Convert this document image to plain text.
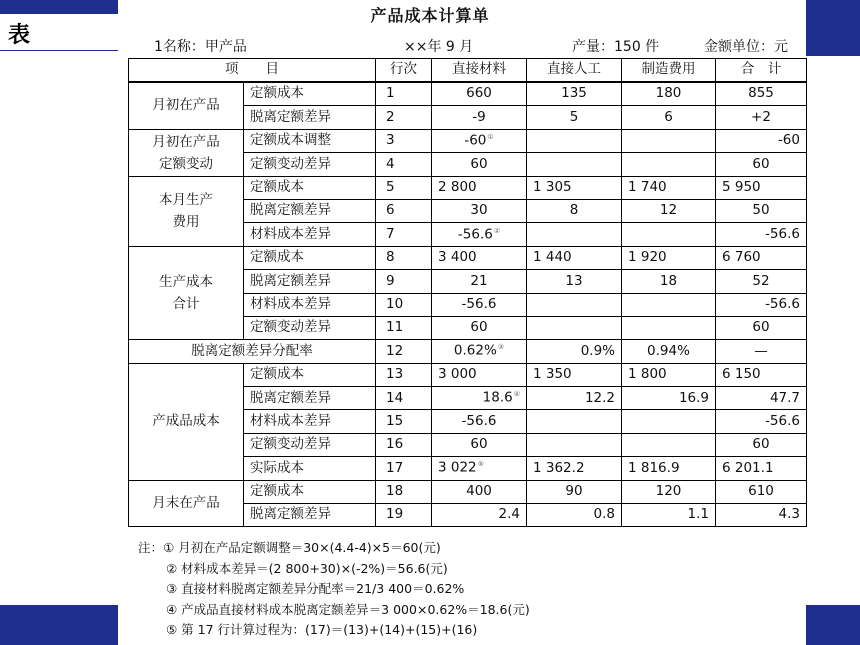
表
产品成本计算单
1名称：甲产品	××年 9 月	产量：150 件	金额单位：元
项　　目		行次	直接材料	直接人工	制造费用	合　计
月初在产品	定额成本	1	660	135	180	855
	脱离定额差异	2	-9	5	6	+2

月初在产品
定额变动	定额成本调整	3	-60①			-60
	定额变动差异	4	60			60

本月生产
费用	定额成本	5	2 800	1 305	1 740	5 950
	脱离定额差异	6	30	8	12	50
	材料成本差异	7	-56.6②			-56.6

生产成本
合计	定额成本	8	3 400	1 440	1 920	6 760
	脱离定额差异	9	21	13	18	52
	材料成本差异	10	-56.6			-56.6
	定额变动差异	11	60			60
脱离定额差异分配率		12	0.62%③	0.9%	0.94%	—
产成品成本	定额成本	13	3 000	1 350	1 800	6 150
	脱离定额差异	14	18.6④	12.2	16.9	47.7
	材料成本差异	15	-56.6			-56.6
	定额变动差异	16	60			60
	实际成本	17	3 022⑤	1 362.2	1 816.9	6 201.1
月末在产品	定额成本	18	400	90	120	610
	脱离定额差异	19	2.4	0.8	1.1	4.3
注：① 月初在产品定额调整＝30×(4.4-4)×5＝60(元)
② 材料成本差异＝(2 800+30)×(-2%)＝56.6(元)
③ 直接材料脱离定额差异分配率＝21/3 400＝0.62%
④ 产成品直接材料成本脱离定额差异＝3 000×0.62%＝18.6(元)
⑤ 第 17 行计算过程为：(17)＝(13)+(14)+(15)+(16)
